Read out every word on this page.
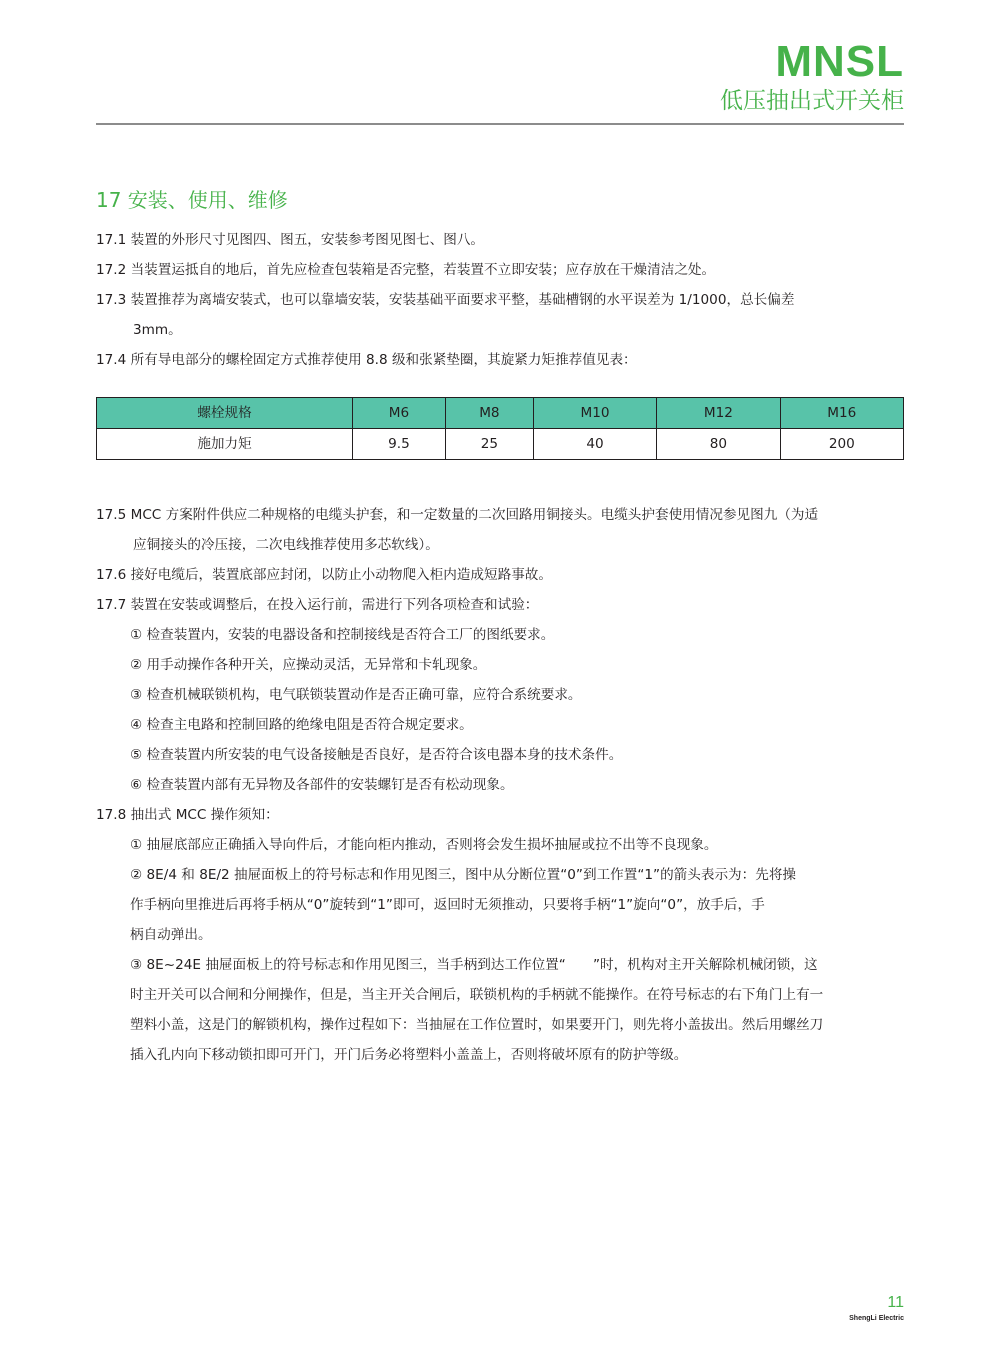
MNSL
低压抽出式开关柜
17 安装、使用、维修

17.1 装置的外形尺寸见图四、图五，安装参考图见图七、图八。

17.2 当装置运抵自的地后，首先应检查包装箱是否完整，若装置不立即安装；应存放在干燥清洁之处。

17.3 装置推荐为离墙安装式，也可以靠墙安装，安装基础平面要求平整，基础槽钢的水平误差为 1/1000，总长偏差
3mm。

17.4 所有导电部分的螺栓固定方式推荐使用 8.8 级和张紧垫圈，其旋紧力矩推荐值见表：

螺栓规格	M6	M8	M10	M12	M16
施加力矩	9.5	25	40	80	200

17.5 MCC 方案附件供应二种规格的电缆头护套，和一定数量的二次回路用铜接头。电缆头护套使用情况参见图九（为适
应铜接头的冷压接，二次电线推荐使用多芯软线）。

17.6 接好电缆后，装置底部应封闭，以防止小动物爬入柜内造成短路事故。

17.7 装置在安装或调整后，在投入运行前，需进行下列各项检查和试验：

① 检查装置内，安装的电器设备和控制接线是否符合工厂的图纸要求。

② 用手动操作各种开关，应操动灵活，无异常和卡轧现象。

③ 检查机械联锁机构，电气联锁装置动作是否正确可靠，应符合系统要求。

④ 检查主电路和控制回路的绝缘电阻是否符合规定要求。

⑤ 检查装置内所安装的电气设备接触是否良好，是否符合该电器本身的技术条件。

⑥ 检查装置内部有无异物及各部件的安装螺钉是否有松动现象。

17.8 抽出式 MCC 操作须知：

① 抽屉底部应正确插入导向件后，才能向柜内推动，否则将会发生损坏抽屉或拉不出等不良现象。

② 8E/4 和 8E/2 抽屉面板上的符号标志和作用见图三，图中从分断位置“0”到工作置“1”的箭头表示为：先将操
作手柄向里推进后再将手柄从“0”旋转到“1”即可，返回时无须推动，只要将手柄“1”旋向“0”，放手后，手
柄自动弹出。

③ 8E~24E 抽屉面板上的符号标志和作用见图三，当手柄到达工作位置“　　”时，机构对主开关解除机械闭锁，这
时主开关可以合闸和分闸操作，但是，当主开关合闸后，联锁机构的手柄就不能操作。在符号标志的右下角门上有一
塑料小盖，这是门的解锁机构，操作过程如下：当抽屉在工作位置时，如果要开门，则先将小盖拔出。然后用螺丝刀
插入孔内向下移动锁扣即可开门，开门后务必将塑料小盖盖上，否则将破坏原有的防护等级。

11
ShengLi Electric
